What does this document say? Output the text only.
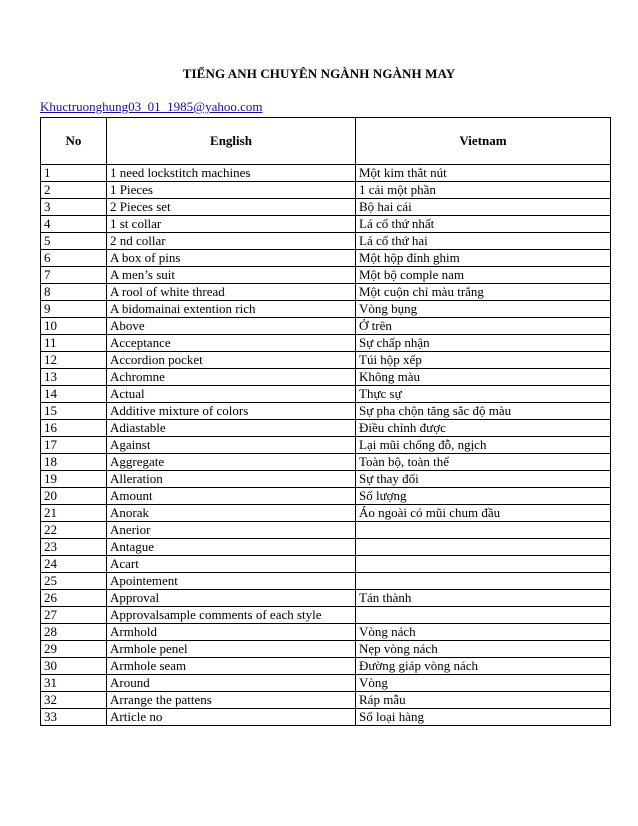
TIẾNG ANH CHUYÊN NGÀNH NGÀNH MAY
Khuctruonghung03_01_1985@yahoo.com
No	English	Vietnam
1	1 need lockstitch machines	Một kim thắt nút
2	1 Pieces	1 cái một phần
3	2 Pieces set	Bộ hai cái
4	1 st collar	Lá cổ thứ nhất
5	2 nd collar	Lá cổ thứ hai
6	A box of pins	Một hộp đính ghim
7	A men’s suit	Một bộ comple nam
8	A rool of white thread	Một cuộn chỉ màu trắng
9	A bidomainai extention rich	Vòng bụng
10	Above	Ở trên
11	Acceptance	Sự chấp nhận
12	Accordion pocket	Túi hộp xếp
13	Achromne	Không màu
14	Actual	Thực sự
15	Additive mixture of colors	Sự pha chộn tăng sắc độ màu
16	Adiastable	Điều chỉnh được
17	Against	Lại mũi chống đỗ, ngịch
18	Aggregate	Toàn bộ, toàn thể
19	Alleration	Sự thay đổi
20	Amount	Số lượng
21	Anorak	Áo ngoài có mũi chum đầu
22	Anerior	
23	Antague	
24	Acart	
25	Apointement	
26	Approval	Tán thành
27	Approvalsample comments of each style	
28	Armhold	Vòng nách
29	Armhole penel	Nẹp vòng nách
30	Armhole seam	Đường giáp vòng nách
31	Around	Vòng
32	Arrange the pattens	Ráp mẫu
33	Article no	Số loại hàng
